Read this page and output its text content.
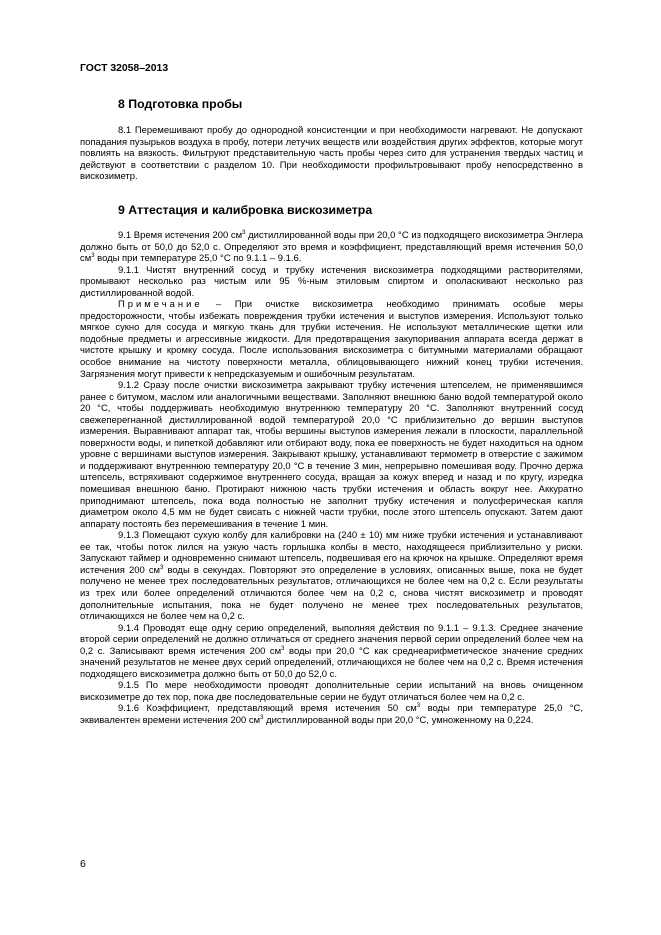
ГОСТ 32058–2013
8 Подготовка пробы

8.1 Перемешивают пробу до однородной консистенции и при необходимости нагревают. Не допускают попадания пузырьков воздуха в пробу, потери летучих веществ или воздействия других эффектов, которые могут повлиять на вязкость. Фильтруют представительную часть пробы через сито для устранения твердых частиц и действуют в соответствии с разделом 10. При необходимости профильтровывают пробу непосредственно в вискозиметр.

9 Аттестация и калибровка вискозиметра

9.1 Время истечения 200 $см^3$ дистиллированной воды при 20,0 °С из подходящего вискозиметра Энглера должно быть от 50,0 до 52,0 с. Определяют это время и коэффициент, представляющий время истечения 50,0 $см^3$ воды при температуре 25,0 °С по 9.1.1 – 9.1.6.

9.1.1 Чистят внутренний сосуд и трубку истечения вискозиметра подходящими растворителями, промывают несколько раз чистым или 95 %-ным этиловым спиртом и ополаскивают несколько раз дистиллированной водой.

Примечание – При очистке вискозиметра необходимо принимать особые меры предосторожности, чтобы избежать повреждения трубки истечения и выступов измерения. Используют только мягкое сукно для сосуда и мягкую ткань для трубки истечения. Не используют металлические щетки или подобные предметы и агрессивные жидкости. Для предотвращения закупоривания аппарата всегда держат в чистоте крышку и кромку сосуда. После использования вискозиметра с битумными материалами обращают особое внимание на чистоту поверхности металла, облицовывающего нижний конец трубки истечения. Загрязнения могут привести к непредсказуемым и ошибочным результатам.

9.1.2 Сразу после очистки вискозиметра закрывают трубку истечения штепселем, не применявшимся ранее с битумом, маслом или аналогичными веществами. Заполняют внешнюю баню водой температурой около 20 °С, чтобы поддерживать необходимую внутреннюю температуру 20 °С. Заполняют внутренний сосуд свежеперегнанной дистиллированной водой температурой 20,0 °С приблизительно до вершин выступов измерения. Выравнивают аппарат так, чтобы вершины выступов измерения лежали в плоскости, параллельной поверхности воды, и пипеткой добавляют или отбирают воду, пока ее поверхность не будет находиться на одном уровне с вершинами выступов измерения. Закрывают крышку, устанавливают термометр в отверстие с зажимом и поддерживают внутреннюю температуру 20,0 °С в течение 3 мин, непрерывно помешивая воду. Прочно держа штепсель, встряхивают содержимое внутреннего сосуда, вращая за кожух вперед и назад и по кругу, изредка помешивая внешнюю баню. Протирают нижнюю часть трубки истечения и область вокруг нее. Аккуратно приподнимают штепсель, пока вода полностью не заполнит трубку истечения и полусферическая капля диаметром около 4,5 мм не будет свисать с нижней части трубки, после этого штепсель опускают. Затем дают аппарату постоять без перемешивания в течение 1 мин.

9.1.3 Помещают сухую колбу для калибровки на (240 ± 10) мм ниже трубки истечения и устанавливают ее так, чтобы поток лился на узкую часть горлышка колбы в место, находящееся приблизительно у риски. Запускают таймер и одновременно снимают штепсель, подвешивая его на крючок на крышке. Определяют время истечения 200 $см^3$ воды в секундах. Повторяют это определение в условиях, описанных выше, пока не будет получено не менее трех последовательных результатов, отличающихся не более чем на 0,2 с. Если результаты из трех или более определений отличаются более чем на 0,2 с, снова чистят вискозиметр и проводят дополнительные испытания, пока не будет получено не менее трех последовательных результатов, отличающихся не более чем на 0,2 с.

9.1.4 Проводят еще одну серию определений, выполняя действия по 9.1.1 – 9.1.3. Среднее значение второй серии определений не должно отличаться от среднего значения первой серии определений более чем на 0,2 с. Записывают время истечения 200 $см^3$ воды при 20,0 °С как среднеарифметическое значение средних значений результатов не менее двух серий определений, отличающихся не более чем на 0,2 с. Время истечения подходящего вискозиметра должно быть от 50,0 до 52,0 с.

9.1.5 По мере необходимости проводят дополнительные серии испытаний на вновь очищенном вискозиметре до тех пор, пока две последовательные серии не будут отличаться более чем на 0,2 с.

9.1.6 Коэффициент, представляющий время истечения 50 $см^3$ воды при температуре 25,0 °С, эквивалентен времени истечения 200 $см^3$ дистиллированной воды при 20,0 °С, умноженному на 0,224.

6
